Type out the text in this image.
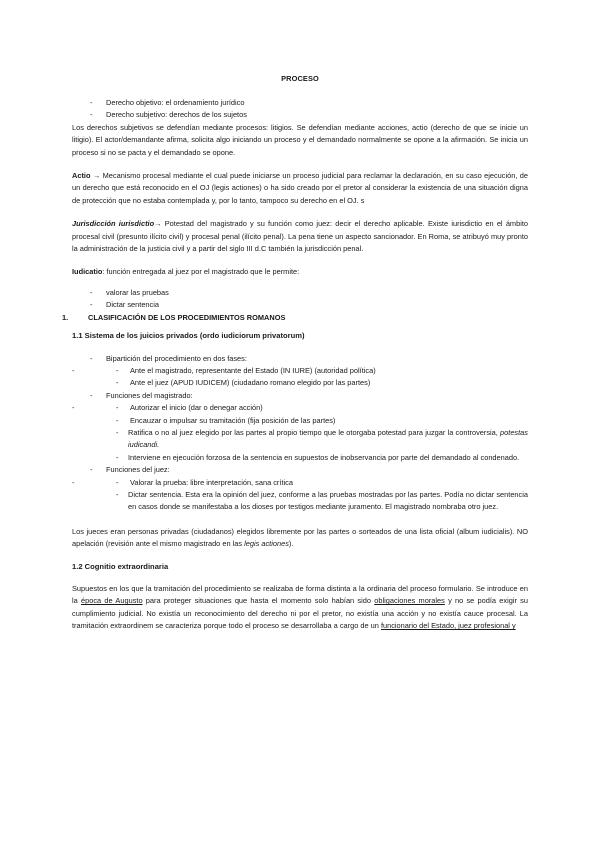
PROCESO
- Derecho objetivo: el ordenamiento jurídico
- Derecho subjetivo: derechos de los sujetos

Los derechos subjetivos se defendían mediante procesos: litigios. Se defendían mediante acciones, actio (derecho de que se inicie un litigio). El actor/demandante afirma, solicita algo iniciando un proceso y el demandado normalmente se opone a la afirmación. Se inicia un proceso si no se pacta y el demandado se opone.

Actio → Mecanismo procesal mediante el cual puede iniciarse un proceso judicial para reclamar la declaración, en su caso ejecución, de un derecho que está reconocido en el OJ (legis actiones) o ha sido creado por el pretor al considerar la existencia de una situación digna de protección que no estaba contemplada y, por lo tanto, tampoco su derecho en el OJ. s

Jurisdicción iurisdictio→ Potestad del magistrado y su función como juez: decir el derecho aplicable. Existe iurisdictio en el ámbito procesal civil (presunto ilícito civil) y procesal penal (ilícito penal). La pena tiene un aspecto sancionador. En Roma, se atribuyó muy pronto la administración de la justicia civil y a partir del siglo III d.C también la jurisdicción penal.

Iudicatio: función entregada al juez por el magistrado que le permite:

- valorar las pruebas
- Dictar sentencia
1.	CLASIFICACIÓN DE LOS PROCEDIMIENTOS ROMANOS
1.1 Sistema de los juicios privados (ordo iudiciorum privatorum)
- Bipartición del procedimiento en dos fases:
- - Ante el magistrado, representante del Estado (IN IURE) (autoridad política)
- Ante el juez (APUD IUDICEM) (ciudadano romano elegido por las partes)
- Funciones del magistrado:
- - Autorizar el inicio (dar o denegar acción)
- Encauzar o impulsar su tramitación (fija posición de las partes)
- Ratifica o no al juez elegido por las partes al propio tiempo que le otorgaba potestad para juzgar la controversia, potestas iudicandi.
- Interviene en ejecución forzosa de la sentencia en supuestos de inobservancia por parte del demandado al condenado.
- Funciones del juez:
- - Valorar la prueba: libre interpretación, sana crítica
- Dictar sentencia. Esta era la opinión del juez, conforme a las pruebas mostradas por las partes. Podía no dictar sentencia en casos donde se manifestaba a los dioses por testigos mediante juramento. El magistrado nombraba otro juez.

Los jueces eran personas privadas (ciudadanos) elegidos libremente por las partes o sorteados de una lista oficial (album iudicialis). NO apelación (revisión ante el mismo magistrado en las legis actiones).

1.2 Cognitio extraordinaria

Supuestos en los que la tramitación del procedimiento se realizaba de forma distinta a la ordinaria del proceso formulario. Se introduce en la época de Augusto para proteger situaciones que hasta el momento solo habían sido obligaciones morales y no se podía exigir su cumplimiento judicial. No existía un reconocimiento del derecho ni por el pretor, no existía una acción y no existía cauce procesal. La tramitación extraordinem se caracteriza porque todo el proceso se desarrollaba a cargo de un funcionario del Estado, juez profesional y
